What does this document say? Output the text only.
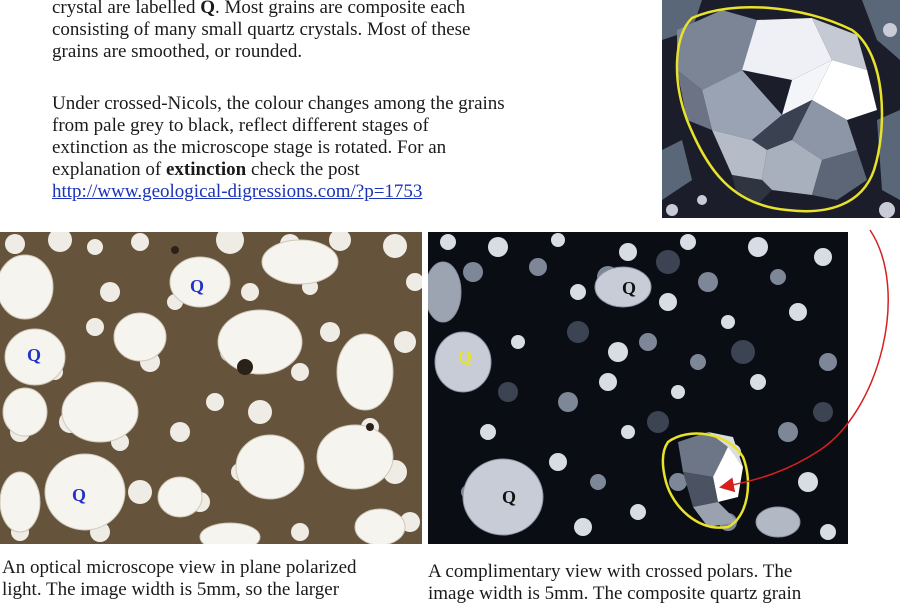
crystal are labelled Q. Most grains are composite each
consisting of many small quartz crystals. Most of these
grains are smoothed, or rounded.
Under crossed-Nicols, the colour changes among the grains
from pale grey to black, reflect different stages of
extinction as the microscope stage is rotated. For an
explanation of extinction check the post
http://www.geological-digressions.com/?p=1753
Q
Q
Q
Q
Q
Q
An optical microscope view in plane polarized
light. The image width is 5mm, so the larger
A complimentary view with crossed polars. The
image width is 5mm. The composite quartz grain
